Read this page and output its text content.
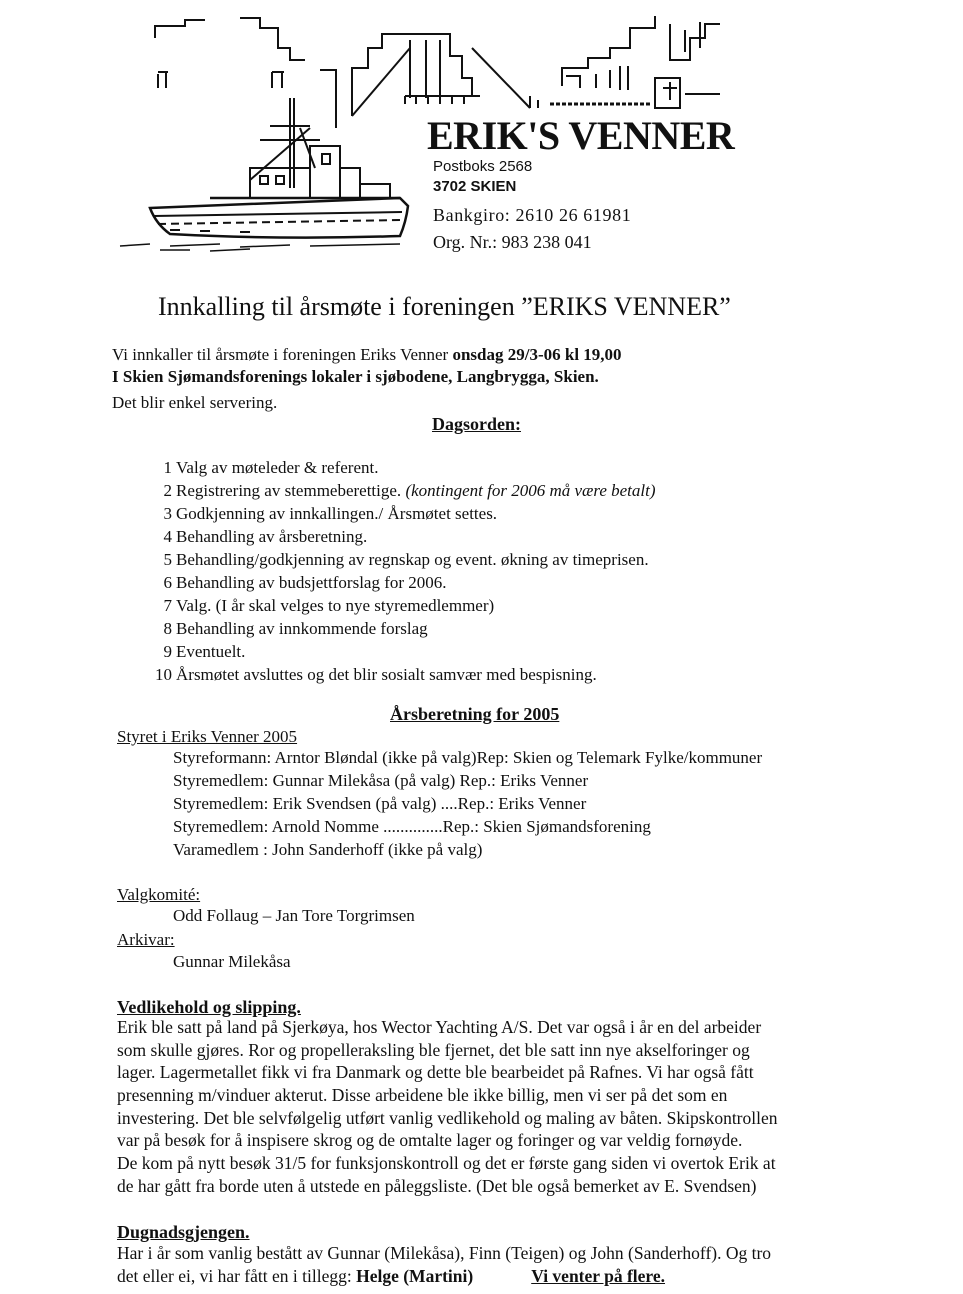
ERIK'S VENNER
Postboks 2568
3702 SKIEN
Bankgiro: 2610 26 61981
Org. Nr.: 983 238 041
Innkalling til årsmøte i foreningen ”ERIKS VENNER”
Vi innkaller til årsmøte i foreningen Eriks Venner onsdag 29/3-06 kl 19,00
I Skien Sjømandsforenings lokaler i sjøbodene, Langbrygga, Skien.
Det blir enkel servering.
Dagsorden:
1 Valg av møteleder & referent.
2 Registrering av stemmeberettige. (kontingent for 2006 må være betalt)
3 Godkjenning av innkallingen./ Årsmøtet settes.
4 Behandling av årsberetning.
5 Behandling/godkjenning av regnskap og event. økning av timeprisen.
6 Behandling av budsjettforslag for 2006.
7 Valg. (I år skal velges to nye styremedlemmer)
8 Behandling av innkommende forslag
9 Eventuelt.
10 Årsmøtet avsluttes og det blir sosialt samvær med bespisning.
Årsberetning for 2005
Styret i Eriks Venner 2005
Styreformann: Arntor Bløndal (ikke på valg)Rep: Skien og Telemark Fylke/kommuner
Styremedlem: Gunnar Milekåsa (på valg) Rep.: Eriks Venner
Styremedlem: Erik Svendsen (på valg) ....Rep.: Eriks Venner
Styremedlem: Arnold Nomme ..............Rep.: Skien Sjømandsforening
Varamedlem : John Sanderhoff (ikke på valg)
Valgkomité:
Odd Follaug – Jan Tore Torgrimsen
Arkivar:
Gunnar Milekåsa
Vedlikehold og slipping.
Erik ble satt på land på Sjerkøya, hos Wector Yachting A/S. Det var også i år en del arbeider
som skulle gjøres. Ror og propelleraksling ble fjernet, det ble satt inn nye akselforinger og
lager. Lagermetallet fikk vi fra Danmark og dette ble bearbeidet på Rafnes. Vi har også fått
presenning m/vinduer akterut. Disse arbeidene ble ikke billig, men vi ser på det som en
investering. Det ble selvfølgelig utført vanlig vedlikehold og maling av båten. Skipskontrollen
var på besøk for å inspisere skrog og de omtalte lager og foringer og var veldig fornøyde.
De kom på nytt besøk 31/5 for funksjonskontroll og det er første gang siden vi overtok Erik at
de har gått fra borde uten å utstede en påleggsliste. (Det ble også bemerket av E. Svendsen)
Dugnadsgjengen.
Har i år som vanlig bestått av Gunnar (Milekåsa), Finn (Teigen) og John (Sanderhoff). Og tro
det eller ei, vi har fått en i tillegg: Helge (Martini)	Vi venter på flere.
